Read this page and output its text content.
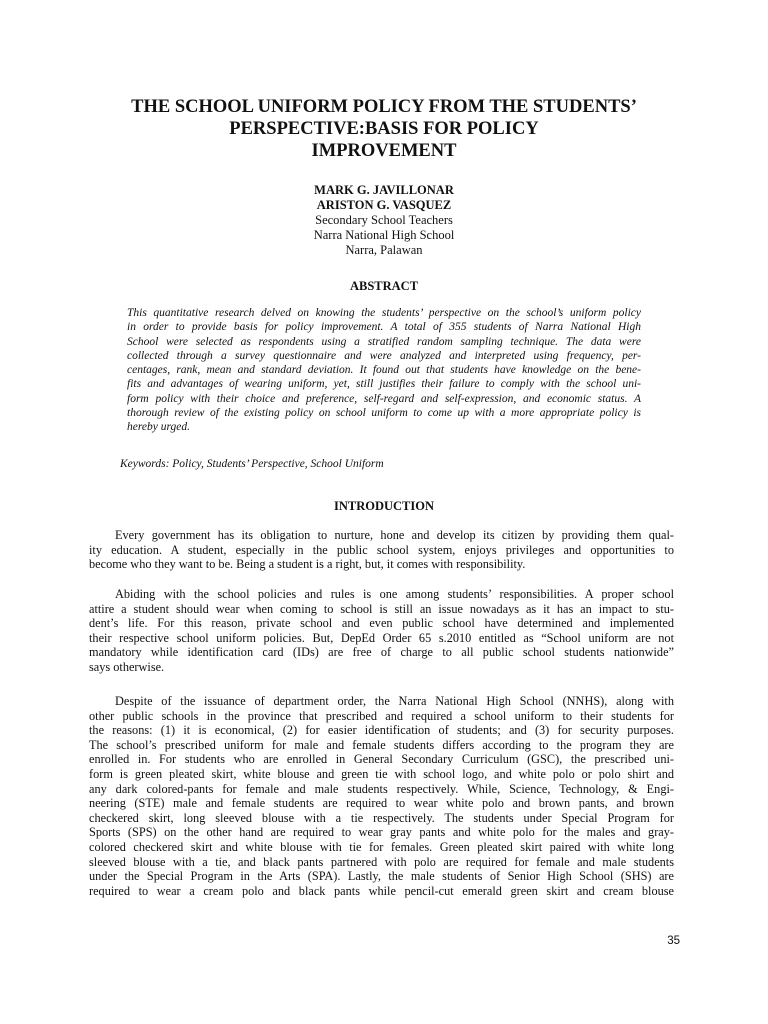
THE SCHOOL UNIFORM POLICY FROM THE STUDENTS’
PERSPECTIVE:BASIS FOR POLICY
IMPROVEMENT
MARK G. JAVILLONAR
ARISTON G. VASQUEZ
Secondary School Teachers
Narra National High School
Narra, Palawan
ABSTRACT
This quantitative research delved on knowing the students’ perspective on the school’s uniform policy
in order to provide basis for policy improvement. A total of 355 students of Narra National High
School were selected as respondents using a stratified random sampling technique. The data were
collected through a survey questionnaire and were analyzed and interpreted using frequency, per-
centages, rank, mean and standard deviation. It found out that students have knowledge on the bene-
fits and advantages of wearing uniform, yet, still justifies their failure to comply with the school uni-
form policy with their choice and preference, self-regard and self-expression, and economic status. A
thorough review of the existing policy on school uniform to come up with a more appropriate policy is
hereby urged.
Keywords: Policy, Students’ Perspective, School Uniform
INTRODUCTION
Every government has its obligation to nurture, hone and develop its citizen by providing them qual-
ity education. A student, especially in the public school system, enjoys privileges and opportunities to
become who they want to be. Being a student is a right, but, it comes with responsibility.
Abiding with the school policies and rules is one among students’ responsibilities. A proper school
attire a student should wear when coming to school is still an issue nowadays as it has an impact to stu-
dent’s life. For this reason, private school and even public school have determined and implemented
their respective school uniform policies. But, DepEd Order 65 s.2010 entitled as “School uniform are not
mandatory while identification card (IDs) are free of charge to all public school students nationwide”
says otherwise.
Despite of the issuance of department order, the Narra National High School (NNHS), along with
other public schools in the province that prescribed and required a school uniform to their students for
the reasons: (1) it is economical, (2) for easier identification of students; and (3) for security purposes.
The school’s prescribed uniform for male and female students differs according to the program they are
enrolled in. For students who are enrolled in General Secondary Curriculum (GSC), the prescribed uni-
form is green pleated skirt, white blouse and green tie with school logo, and white polo or polo shirt and
any dark colored-pants for female and male students respectively. While, Science, Technology, & Engi-
neering (STE) male and female students are required to wear white polo and brown pants, and brown
checkered skirt, long sleeved blouse with a tie respectively. The students under Special Program for
Sports (SPS) on the other hand are required to wear gray pants and white polo for the males and gray-
colored checkered skirt and white blouse with tie for females. Green pleated skirt paired with white long
sleeved blouse with a tie, and black pants partnered with polo are required for female and male students
under the Special Program in the Arts (SPA). Lastly, the male students of Senior High School (SHS) are
required to wear a cream polo and black pants while pencil-cut emerald green skirt and cream blouse
35
